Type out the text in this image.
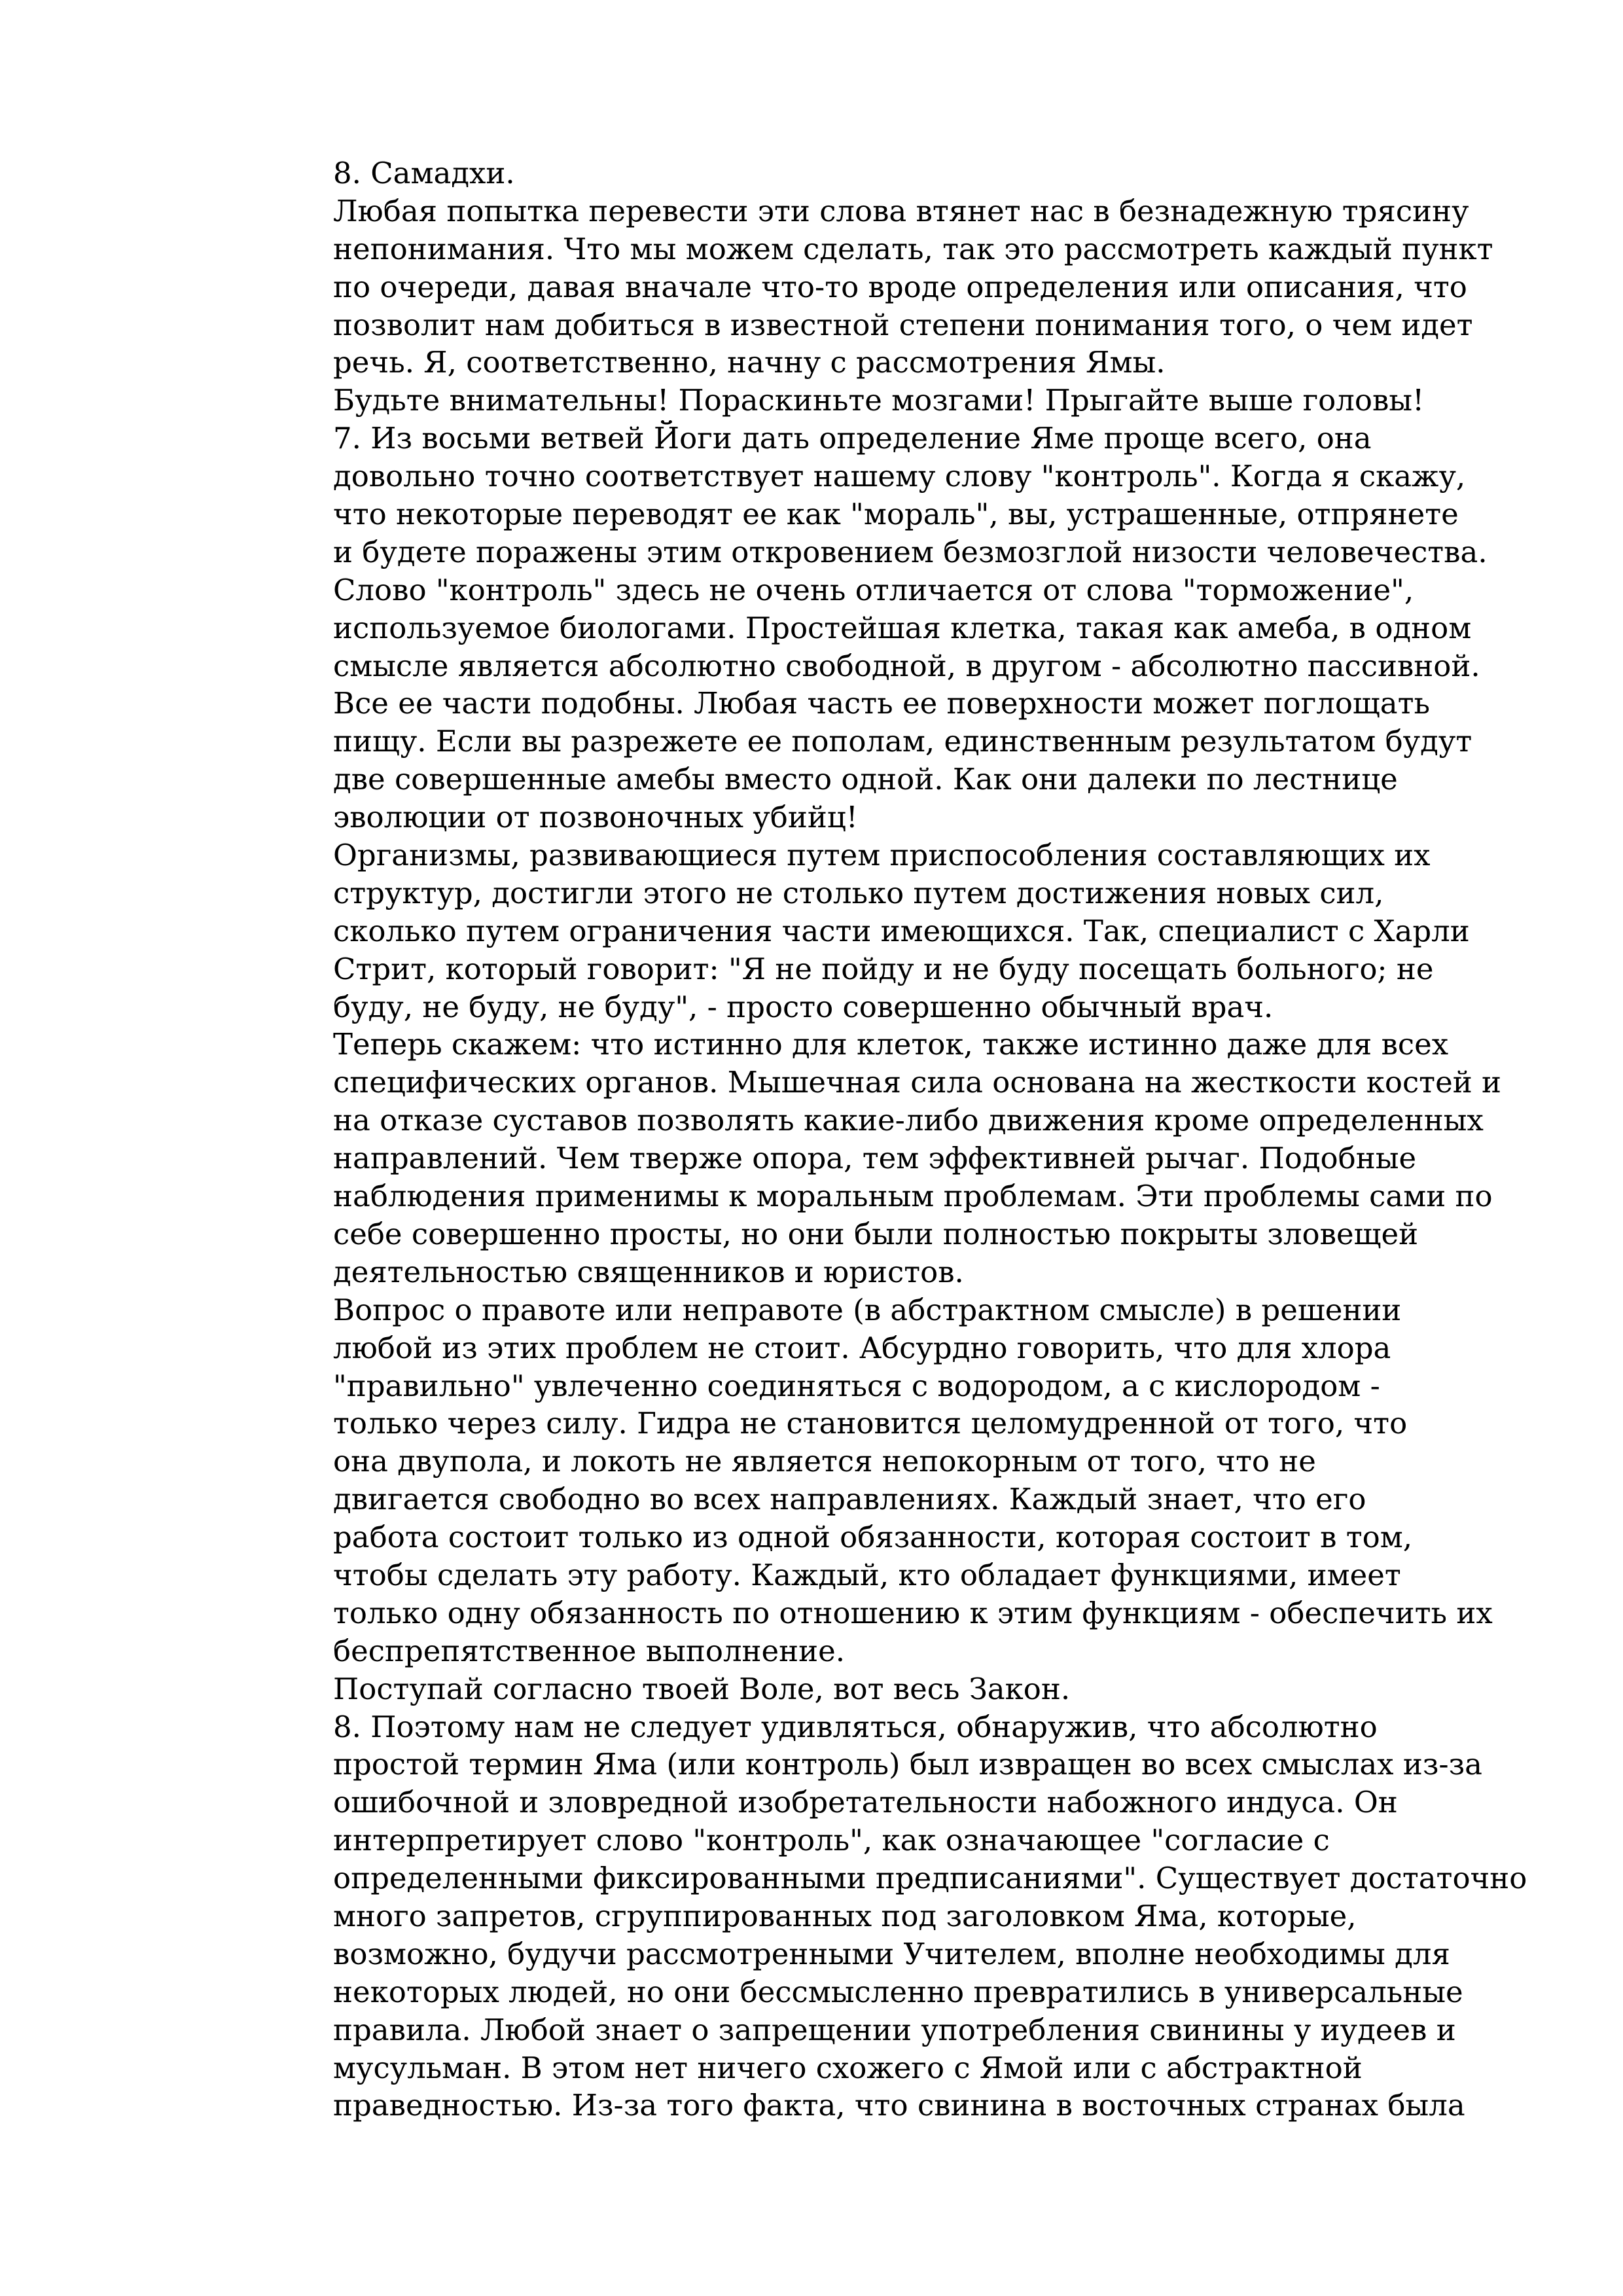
8. Самадхи.
Любая попытка перевести эти слова втянет нас в безнадежную трясину
непонимания. Что мы можем сделать, так это рассмотреть каждый пункт
по очереди, давая вначале что-то вроде определения или описания, что
позволит нам добиться в известной степени понимания того, о чем идет
речь. Я, соответственно, начну с рассмотрения Ямы.
Будьте внимательны! Пораскиньте мозгами! Прыгайте выше головы!
7. Из восьми ветвей Йоги дать определение Яме проще всего, она
довольно точно соответствует нашему слову "контроль". Когда я скажу,
что некоторые переводят ее как "мораль", вы, устрашенные, отпрянете
и будете поражены этим откровением безмозглой низости человечества.
Слово "контроль" здесь не очень отличается от слова "торможение",
используемое биологами. Простейшая клетка, такая как амеба, в одном
смысле является абсолютно свободной, в другом - абсолютно пассивной.
Все ее части подобны. Любая часть ее поверхности может поглощать
пищу. Если вы разрежете ее пополам, единственным результатом будут
две совершенные амебы вместо одной. Как они далеки по лестнице
эволюции от позвоночных убийц!
Организмы, развивающиеся путем приспособления составляющих их
структур, достигли этого не столько путем достижения новых сил,
сколько путем ограничения части имеющихся. Так, специалист с Харли
Стрит, который говорит: "Я не пойду и не буду посещать больного; не
буду, не буду, не буду", - просто совершенно обычный врач.
Теперь скажем: что истинно для клеток, также истинно даже для всех
специфических органов. Мышечная сила основана на жесткости костей и
на отказе суставов позволять какие-либо движения кроме определенных
направлений. Чем тверже опора, тем эффективней рычаг. Подобные
наблюдения применимы к моральным проблемам. Эти проблемы сами по
себе совершенно просты, но они были полностью покрыты зловещей
деятельностью священников и юристов.
Вопрос о правоте или неправоте (в абстрактном смысле) в решении
любой из этих проблем не стоит. Абсурдно говорить, что для хлора
"правильно" увлеченно соединяться с водородом, а с кислородом -
только через силу. Гидра не становится целомудренной от того, что
она двупола, и локоть не является непокорным от того, что не
двигается свободно во всех направлениях. Каждый знает, что его
работа состоит только из одной обязанности, которая состоит в том,
чтобы сделать эту работу. Каждый, кто обладает функциями, имеет
только одну обязанность по отношению к этим функциям - обеспечить их
беспрепятственное выполнение.
Поступай согласно твоей Воле, вот весь Закон.
8. Поэтому нам не следует удивляться, обнаружив, что абсолютно
простой термин Яма (или контроль) был извращен во всех смыслах из-за
ошибочной и зловредной изобретательности набожного индуса. Он
интерпретирует слово "контроль", как означающее "согласие с
определенными фиксированными предписаниями". Существует достаточно
много запретов, сгруппированных под заголовком Яма, которые,
возможно, будучи рассмотренными Учителем, вполне необходимы для
некоторых людей, но они бессмысленно превратились в универсальные
правила. Любой знает о запрещении употребления свинины у иудеев и
мусульман. В этом нет ничего схожего с Ямой или с абстрактной
праведностью. Из-за того факта, что свинина в восточных странах была
